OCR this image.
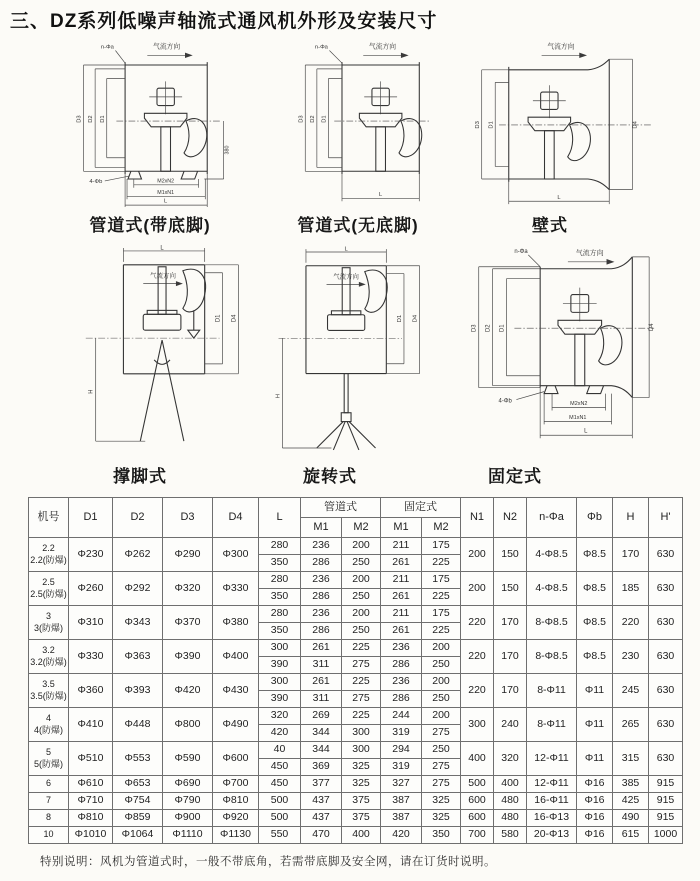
三、DZ系列低噪声轴流式通风机外形及安装尺寸
D3 D2 D1
n-Φa	气流方向
380
M2xN2
M1xN1
L
4-Φb
D3 D2 D1
n-Φa	气流方向
L
D3 D1	D4
气流方向
L
L
气流方向
D1 D4
H
L
气流方向
D1 D4
H
D3 D2 D1
n-Φa	气流方向
D4
4-Φb	M2xN2
M1xN1
L
管道式(带底脚)	管道式(无底脚)	壁式
撑脚式	旋转式	固定式
机号	D1	D2	D3	D4	L	管道式		固定式		N1	N2	n-Φa	Φb	H	H'
						M1	M2	M1	M2						
2.2
2.2(防爆)	Φ230	Φ262	Φ290	Φ300	280	236	200	211	175	200	150	4-Φ8.5	Φ8.5	170	630
					350	286	250	261	225						
2.5
2.5(防爆)	Φ260	Φ292	Φ320	Φ330	280	236	200	211	175	200	150	4-Φ8.5	Φ8.5	185	630
					350	286	250	261	225						
3
3(防爆)	Φ310	Φ343	Φ370	Φ380	280	236	200	211	175	220	170	8-Φ8.5	Φ8.5	220	630
					350	286	250	261	225						
3.2
3.2(防爆)	Φ330	Φ363	Φ390	Φ400	300	261	225	236	200	220	170	8-Φ8.5	Φ8.5	230	630
					390	311	275	286	250						
3.5
3.5(防爆)	Φ360	Φ393	Φ420	Φ430	300	261	225	236	200	220	170	8-Φ11	Φ11	245	630
					390	311	275	286	250						
4
4(防爆)	Φ410	Φ448	Φ800	Φ490	320	269	225	244	200	300	240	8-Φ11	Φ11	265	630
					420	344	300	319	275						
5
5(防爆)	Φ510	Φ553	Φ590	Φ600	40	344	300	294	250	400	320	12-Φ11	Φ11	315	630
					450	369	325	319	275						
6	Φ610	Φ653	Φ690	Φ700	450	377	325	327	275	500	400	12-Φ11	Φ16	385	915
7	Φ710	Φ754	Φ790	Φ810	500	437	375	387	325	600	480	16-Φ11	Φ16	425	915
8	Φ810	Φ859	Φ900	Φ920	500	437	375	387	325	600	480	16-Φ13	Φ16	490	915
10	Φ1010	Φ1064	Φ1110	Φ1130	550	470	400	420	350	700	580	20-Φ13	Φ16	615	1000
特别说明：风机为管道式时，一般不带底角，若需带底脚及安全网，请在订货时说明。
